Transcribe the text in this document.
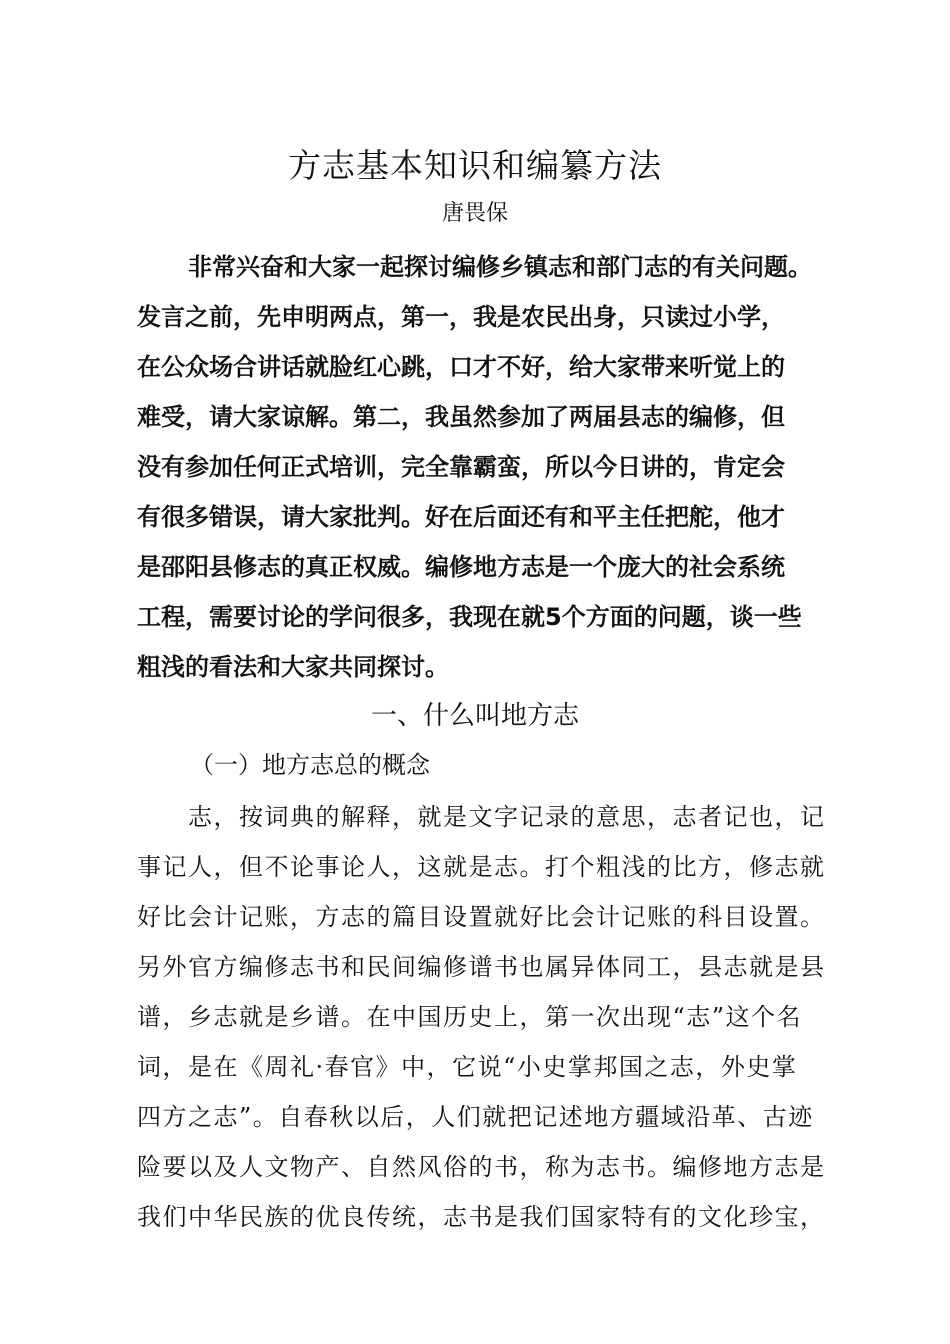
方志基本知识和编纂方法
唐畏保
非常兴奋和大家一起探讨编修乡镇志和部门志的有关问题。
发言之前，先申明两点，第一，我是农民出身，只读过小学，
在公众场合讲话就脸红心跳，口才不好，给大家带来听觉上的
难受，请大家谅解。第二，我虽然参加了两届县志的编修，但
没有参加任何正式培训，完全靠霸蛮，所以今日讲的，肯定会
有很多错误，请大家批判。好在后面还有和平主任把舵，他才
是邵阳县修志的真正权威。编修地方志是一个庞大的社会系统
工程，需要讨论的学问很多，我现在就5个方面的问题，谈一些
粗浅的看法和大家共同探讨。
一、什么叫地方志
（一）地方志总的概念
志，按词典的解释，就是文字记录的意思，志者记也，记
事记人，但不论事论人，这就是志。打个粗浅的比方，修志就
好比会计记账，方志的篇目设置就好比会计记账的科目设置。
另外官方编修志书和民间编修谱书也属异体同工，县志就是县
谱，乡志就是乡谱。在中国历史上，第一次出现“志”这个名
词，是在《周礼·春官》中，它说“小史掌邦国之志，外史掌
四方之志”。自春秋以后，人们就把记述地方疆域沿革、古迹
险要以及人文物产、自然风俗的书，称为志书。编修地方志是
我们中华民族的优良传统，志书是我们国家特有的文化珍宝，
